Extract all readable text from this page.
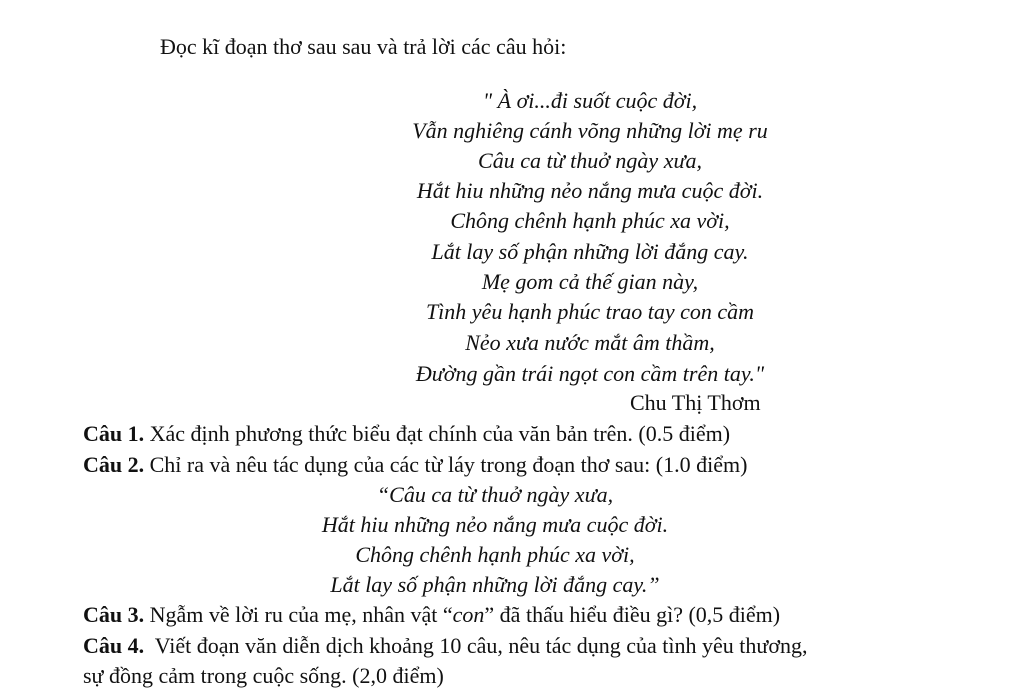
Đọc kĩ đoạn thơ sau sau và trả lời các câu hỏi:
" À ơi...đi suốt cuộc đời,
Vẫn nghiêng cánh võng những lời mẹ ru
Câu ca từ thuở ngày xưa,
Hắt hiu những nẻo nắng mưa cuộc đời.
Chông chênh hạnh phúc xa vời,
Lắt lay số phận những lời đắng cay.
Mẹ gom cả thế gian này,
Tình yêu hạnh phúc trao tay con cầm
Nẻo xưa nước mắt âm thầm,
Đường gần trái ngọt con cầm trên tay."
Chu Thị Thơm
Câu 1. Xác định phương thức biểu đạt chính của văn bản trên. (0.5 điểm)
Câu 2. Chỉ ra và nêu tác dụng của các từ láy trong đoạn thơ sau: (1.0 điểm)
“Câu ca từ thuở ngày xưa,
Hắt hiu những nẻo nắng mưa cuộc đời.
Chông chênh hạnh phúc xa vời,
Lắt lay số phận những lời đắng cay.”
Câu 3. Ngẫm về lời ru của mẹ, nhân vật “con” đã thấu hiểu điều gì? (0,5 điểm)
Câu 4.  Viết đoạn văn diễn dịch khoảng 10 câu, nêu tác dụng của tình yêu thương,
sự đồng cảm trong cuộc sống. (2,0 điểm)
